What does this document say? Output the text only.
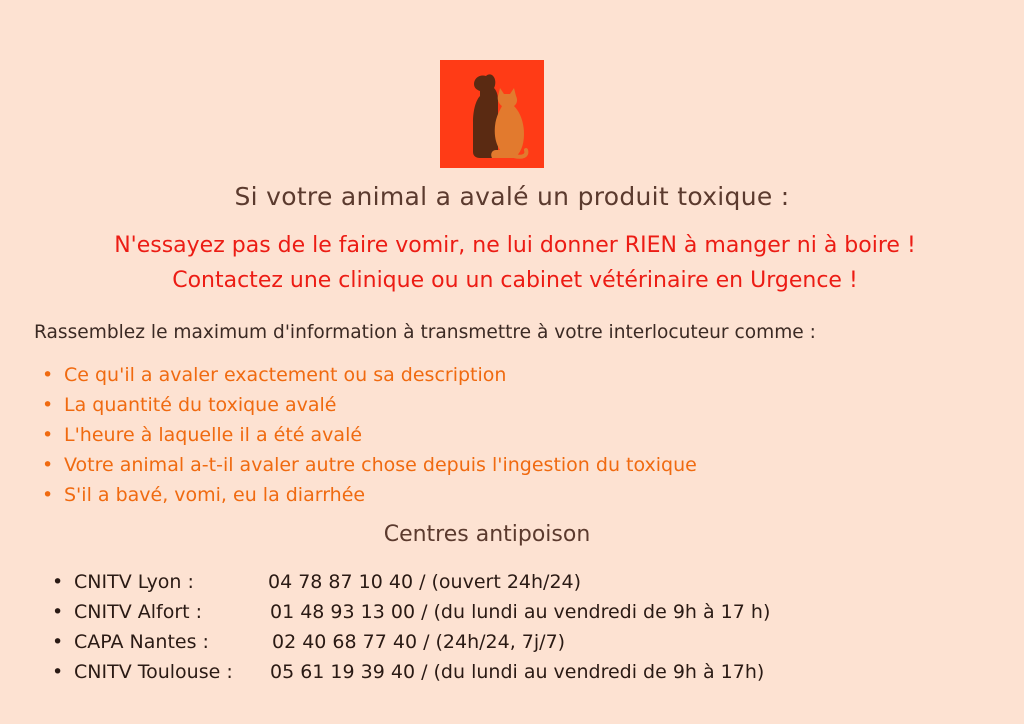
Si votre animal a avalé un produit toxique :
N'essayez pas de le faire vomir, ne lui donner RIEN à manger ni à boire !
Contactez une clinique ou un cabinet vétérinaire en Urgence !
Rassemblez le maximum d'information à transmettre à votre interlocuteur comme :
• Ce qu'il a avaler exactement ou sa description
• La quantité du toxique avalé
• L'heure à laquelle il a été avalé
• Votre animal a-t-il avaler autre chose depuis l'ingestion du toxique
• S'il a bavé, vomi, eu la diarrhée
Centres antipoison
• CNITV Lyon :	04 78 87 10 40 / (ouvert 24h/24)
• CNITV Alfort :	01 48 93 13 00 / (du lundi au vendredi de 9h à 17 h)
• CAPA Nantes :	02 40 68 77 40 / (24h/24, 7j/7)
• CNITV Toulouse : 05 61 19 39 40 / (du lundi au vendredi de 9h à 17h)
